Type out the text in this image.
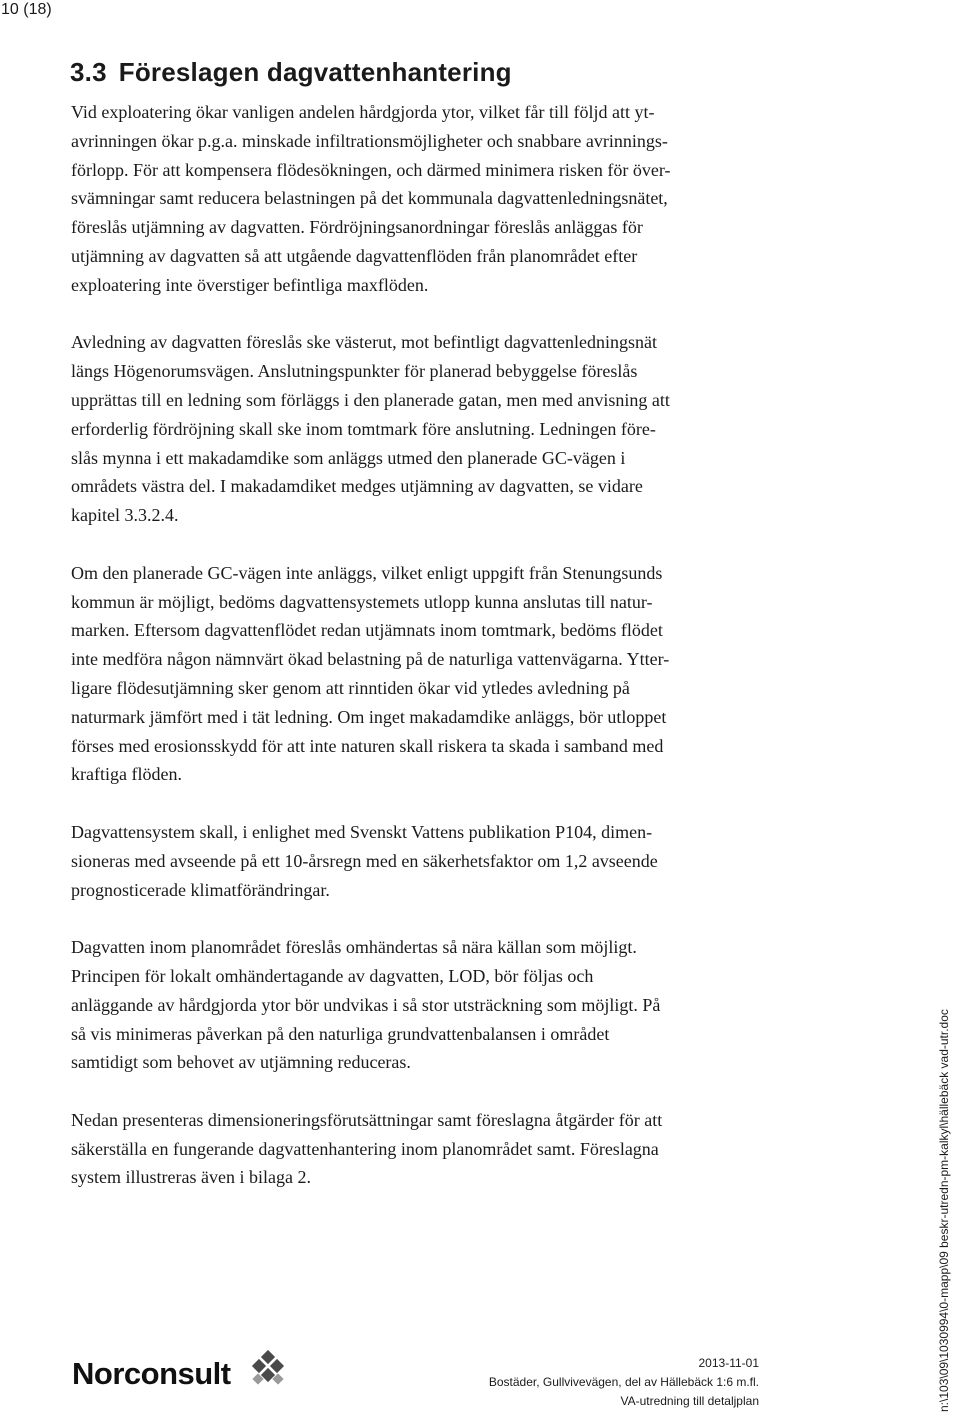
10 (18)
3.3 Föreslagen dagvattenhantering

Vid exploatering ökar vanligen andelen hårdgjorda ytor, vilket får till följd att yt-
avrinningen ökar p.g.a. minskade infiltrationsmöjligheter och snabbare avrinnings-
förlopp. För att kompensera flödesökningen, och därmed minimera risken för över-
svämningar samt reducera belastningen på det kommunala dagvattenledningsnätet,
föreslås utjämning av dagvatten. Fördröjningsanordningar föreslås anläggas för
utjämning av dagvatten så att utgående dagvattenflöden från planområdet efter
exploatering inte överstiger befintliga maxflöden.

Avledning av dagvatten föreslås ske västerut, mot befintligt dagvattenledningsnät
längs Högenorumsvägen. Anslutningspunkter för planerad bebyggelse föreslås
upprättas till en ledning som förläggs i den planerade gatan, men med anvisning att
erforderlig fördröjning skall ske inom tomtmark före anslutning. Ledningen före-
slås mynna i ett makadamdike som anläggs utmed den planerade GC-vägen i
områdets västra del. I makadamdiket medges utjämning av dagvatten, se vidare
kapitel 3.3.2.4.

Om den planerade GC-vägen inte anläggs, vilket enligt uppgift från Stenungsunds
kommun är möjligt, bedöms dagvattensystemets utlopp kunna anslutas till natur-
marken. Eftersom dagvattenflödet redan utjämnats inom tomtmark, bedöms flödet
inte medföra någon nämnvärt ökad belastning på de naturliga vattenvägarna. Ytter-
ligare flödesutjämning sker genom att rinntiden ökar vid ytledes avledning på
naturmark jämfört med i tät ledning. Om inget makadamdike anläggs, bör utloppet
förses med erosionsskydd för att inte naturen skall riskera ta skada i samband med
kraftiga flöden.

Dagvattensystem skall, i enlighet med Svenskt Vattens publikation P104, dimen-
sioneras med avseende på ett 10-årsregn med en säkerhetsfaktor om 1,2 avseende
prognosticerade klimatförändringar.

Dagvatten inom planområdet föreslås omhändertas så nära källan som möjligt.
Principen för lokalt omhändertagande av dagvatten, LOD, bör följas och
anläggande av hårdgjorda ytor bör undvikas i så stor utsträckning som möjligt. På
så vis minimeras påverkan på den naturliga grundvattenbalansen i området
samtidigt som behovet av utjämning reduceras.

Nedan presenteras dimensioneringsförutsättningar samt föreslagna åtgärder för att
säkerställa en fungerande dagvattenhantering inom planområdet samt. Föreslagna
system illustreras även i bilaga 2.	n:\103\09\1030994\0-mapp\09 beskr-utredn-pm-kalkyl\hällebäck vad-utr.doc
Norconsult	2013-11-01
Bostäder, Gullvivevägen, del av Hällebäck 1:6 m.fl.
VA-utredning till detaljplan
